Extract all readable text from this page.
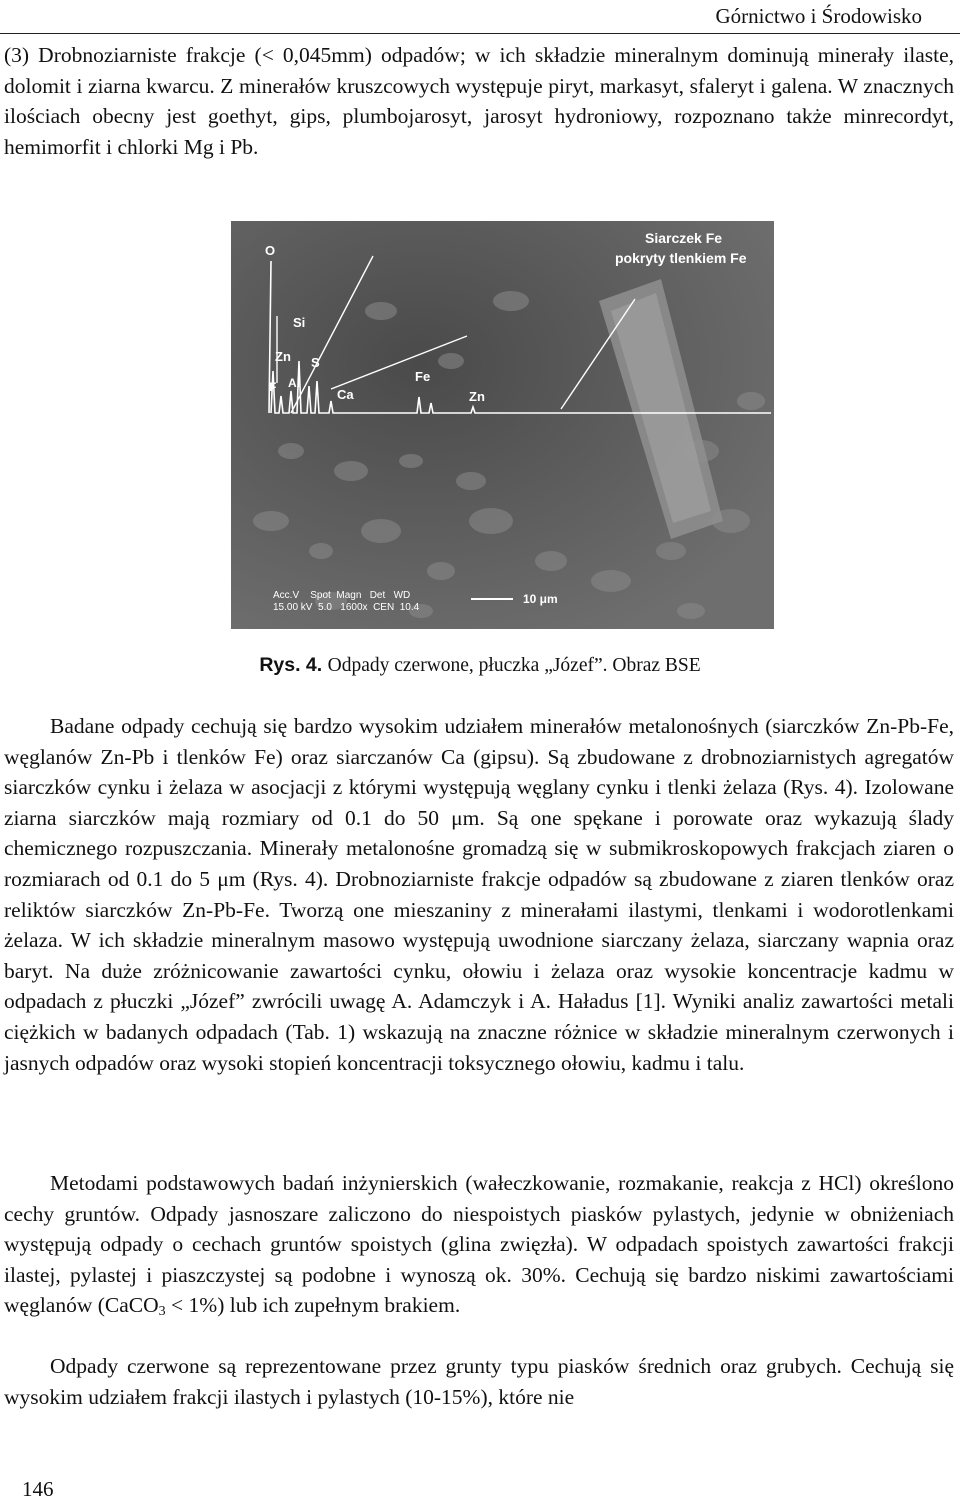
Górnictwo i Środowisko

(3) Drobnoziarniste frakcje (< 0,045mm) odpadów; w ich składzie mineralnym dominują minerały ilaste, dolomit i ziarna kwarcu. Z minerałów kruszcowych występuje piryt, markasyt, sfaleryt i galena. W znacznych ilościach obecny jest goethyt, gips, plumbojarosyt, jarosyt hydroniowy, rozpoznano także minrecordyt, hemimorfit i chlorki Mg i Pb.

O
Si
Zn S
F Al
Ca
Fe
Zn
Siarczek Fe
pokryty tlenkiem Fe
Acc.V    Spot  Magn   Det   WD
15.00 kV  5.0   1600x  CEN  10.4
10 μm
Rys. 4. Odpady czerwone, płuczka „Józef”. Obraz BSE

Badane odpady cechują się bardzo wysokim udziałem minerałów metalonośnych (siarczków Zn-Pb-Fe, węglanów Zn-Pb i tlenków Fe) oraz siarczanów Ca (gipsu). Są zbudowane z drobnoziarnistych agregatów siarczków cynku i żelaza w asocjacji z którymi występują węglany cynku i tlenki żelaza (Rys. 4). Izolowane ziarna siarczków mają rozmiary od 0.1 do 50 μm. Są one spękane i porowate oraz wykazują ślady chemicznego rozpuszczania. Minerały metalonośne gromadzą się w submikroskopowych frakcjach ziaren o rozmiarach od 0.1 do 5 μm (Rys. 4). Drobnoziarniste frakcje odpadów są zbudowane z ziaren tlenków oraz reliktów siarczków Zn-Pb-Fe. Tworzą one mieszaniny z minerałami ilastymi, tlenkami i wodorotlenkami żelaza. W ich składzie mineralnym masowo występują uwodnione siarczany żelaza, siarczany wapnia oraz baryt. Na duże zróżnicowanie zawartości cynku, ołowiu i żelaza oraz wysokie koncentracje kadmu w odpadach z płuczki „Józef” zwrócili uwagę A. Adamczyk i A. Haładus [1]. Wyniki analiz zawartości metali ciężkich w badanych odpadach (Tab. 1) wskazują na znaczne różnice w składzie mineralnym czerwonych i jasnych odpadów oraz wysoki stopień koncentracji toksycznego ołowiu, kadmu i talu.

Metodami podstawowych badań inżynierskich (wałeczkowanie, rozmakanie, reakcja z HCl) określono cechy gruntów. Odpady jasnoszare zaliczono do niespoistych piasków pylastych, jedynie w obniżeniach występują odpady o cechach gruntów spoistych (glina zwięzła). W odpadach spoistych zawartości frakcji ilastej, pylastej i piaszczystej są podobne i wynoszą ok. 30%. Cechują się bardzo niskimi zawartościami węglanów (CaCO$_3$ < 1%) lub ich zupełnym brakiem.

Odpady czerwone są reprezentowane przez grunty typu piasków średnich oraz grubych. Cechują się wysokim udziałem frakcji ilastych i pylastych (10-15%), które nie

146
